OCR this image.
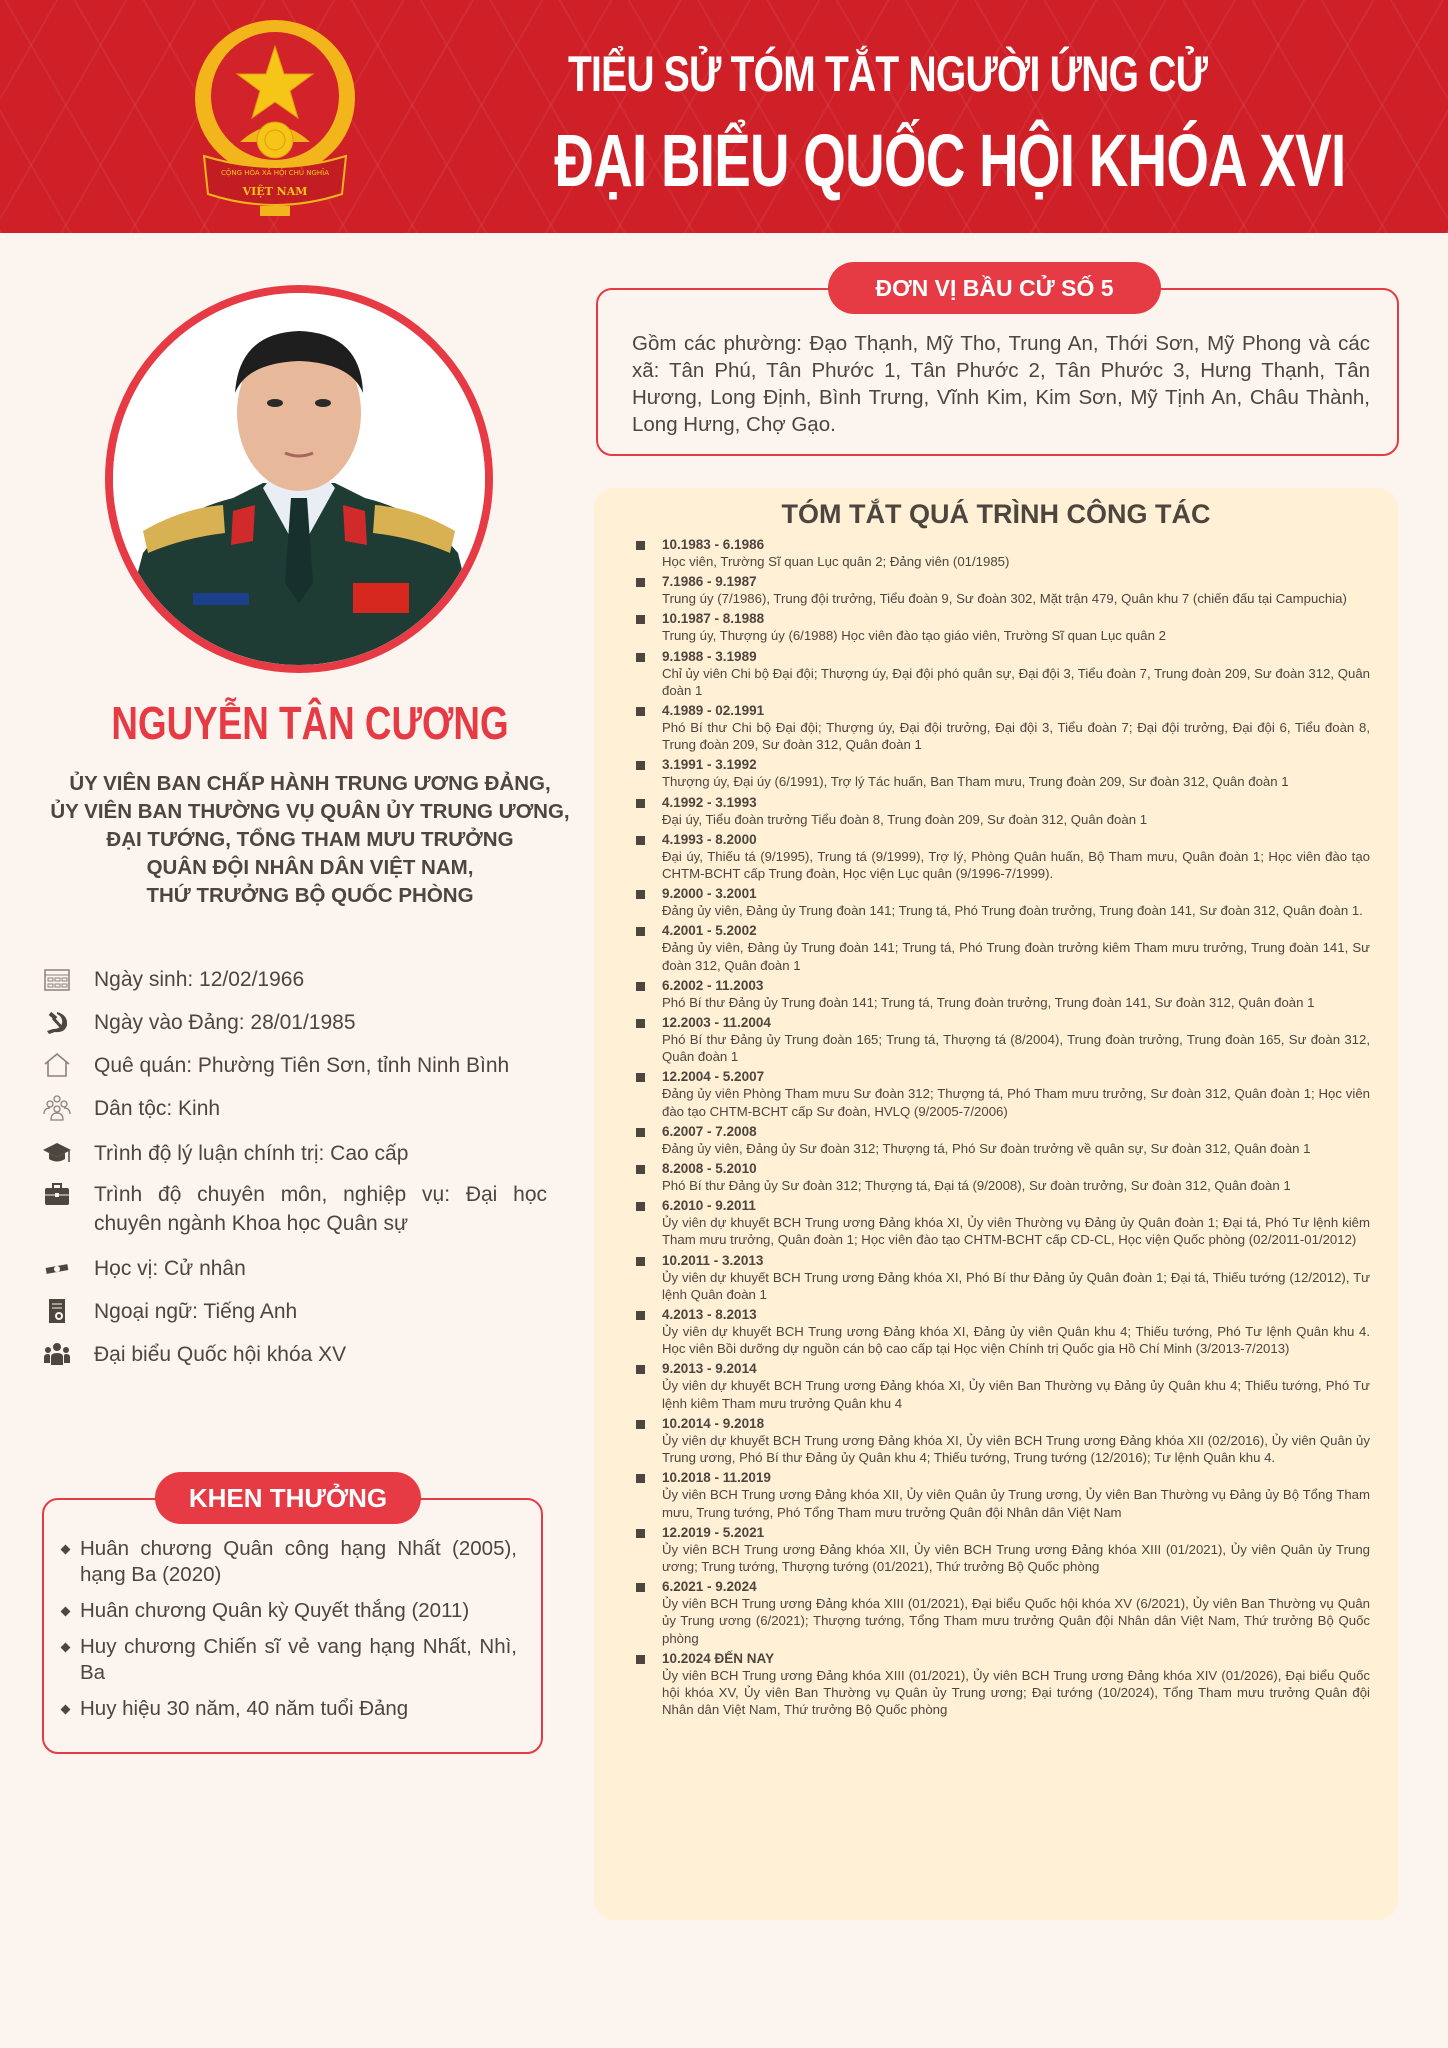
CỘNG HÒA XÃ HỘI CHỦ NGHĨA
VIỆT NAM
TIỂU SỬ TÓM TẮT NGƯỜI ỨNG CỬ
ĐẠI BIỂU QUỐC HỘI KHÓA XVI
NGUYỄN TÂN CƯƠNG
ỦY VIÊN BAN CHẤP HÀNH TRUNG ƯƠNG ĐẢNG,
ỦY VIÊN BAN THƯỜNG VỤ QUÂN ỦY TRUNG ƯƠNG,
ĐẠI TƯỚNG, TỔNG THAM MƯU TRƯỞNG
QUÂN ĐỘI NHÂN DÂN VIỆT NAM,
THỨ TRƯỞNG BỘ QUỐC PHÒNG
Ngày sinh: 12/02/1966
Ngày vào Đảng: 28/01/1985
Quê quán: Phường Tiên Sơn, tỉnh Ninh Bình
Dân tộc: Kinh
Trình độ lý luận chính trị: Cao cấp
Trình độ chuyên môn, nghiệp vụ: Đại học chuyên ngành Khoa học Quân sự
Học vị: Cử nhân
Ngoại ngữ: Tiếng Anh
Đại biểu Quốc hội khóa XV
KHEN THƯỞNG
Huân chương Quân công hạng Nhất (2005), hạng Ba (2020)
Huân chương Quân kỳ Quyết thắng (2011)
Huy chương Chiến sĩ vẻ vang hạng Nhất, Nhì, Ba
Huy hiệu 30 năm, 40 năm tuổi Đảng
ĐƠN VỊ BẦU CỬ SỐ 5
Gồm các phường: Đạo Thạnh, Mỹ Tho, Trung An, Thới Sơn, Mỹ Phong và các xã: Tân Phú, Tân Phước 1, Tân Phước 2, Tân Phước 3, Hưng Thạnh, Tân Hương, Long Định, Bình Trưng, Vĩnh Kim, Kim Sơn, Mỹ Tịnh An, Châu Thành, Long Hưng, Chợ Gạo.
TÓM TẮT QUÁ TRÌNH CÔNG TÁC
10.1983 - 6.1986
Học viên, Trường Sĩ quan Lục quân 2; Đảng viên (01/1985)
7.1986 - 9.1987
Trung úy (7/1986), Trung đội trưởng, Tiểu đoàn 9, Sư đoàn 302, Mặt trận 479, Quân khu 7 (chiến đấu tại Campuchia)
10.1987 - 8.1988
Trung úy, Thượng úy (6/1988) Học viên đào tạo giáo viên, Trường Sĩ quan Lục quân 2
9.1988 - 3.1989
Chỉ ủy viên Chi bộ Đại đội; Thượng úy, Đại đội phó quân sự, Đại đội 3, Tiểu đoàn 7, Trung đoàn 209, Sư đoàn 312, Quân đoàn 1
4.1989 - 02.1991
Phó Bí thư Chi bộ Đại đội; Thượng úy, Đại đội trưởng, Đại đội 3, Tiểu đoàn 7; Đại đội trưởng, Đại đội 6, Tiểu đoàn 8, Trung đoàn 209, Sư đoàn 312, Quân đoàn 1
3.1991 - 3.1992
Thượng úy, Đại úy (6/1991), Trợ lý Tác huấn, Ban Tham mưu, Trung đoàn 209, Sư đoàn 312, Quân đoàn 1
4.1992 - 3.1993
Đại úy, Tiểu đoàn trưởng Tiểu đoàn 8, Trung đoàn 209, Sư đoàn 312, Quân đoàn 1
4.1993 - 8.2000
Đại úy, Thiếu tá (9/1995), Trung tá (9/1999), Trợ lý, Phòng Quân huấn, Bộ Tham mưu, Quân đoàn 1; Học viên đào tạo CHTM-BCHT cấp Trung đoàn, Học viện Lục quân (9/1996-7/1999).
9.2000 - 3.2001
Đảng ủy viên, Đảng ủy Trung đoàn 141; Trung tá, Phó Trung đoàn trưởng, Trung đoàn 141, Sư đoàn 312, Quân đoàn 1.
4.2001 - 5.2002
Đảng ủy viên, Đảng ủy Trung đoàn 141; Trung tá, Phó Trung đoàn trưởng kiêm Tham mưu trưởng, Trung đoàn 141, Sư đoàn 312, Quân đoàn 1
6.2002 - 11.2003
Phó Bí thư Đảng ủy Trung đoàn 141; Trung tá, Trung đoàn trưởng, Trung đoàn 141, Sư đoàn 312, Quân đoàn 1
12.2003 - 11.2004
Phó Bí thư Đảng ủy Trung đoàn 165; Trung tá, Thượng tá (8/2004), Trung đoàn trưởng, Trung đoàn 165, Sư đoàn 312, Quân đoàn 1
12.2004 - 5.2007
Đảng ủy viên Phòng Tham mưu Sư đoàn 312; Thượng tá, Phó Tham mưu trưởng, Sư đoàn 312, Quân đoàn 1; Học viên đào tạo CHTM-BCHT cấp Sư đoàn, HVLQ (9/2005-7/2006)
6.2007 - 7.2008
Đảng ủy viên, Đảng ủy Sư đoàn 312; Thượng tá, Phó Sư đoàn trưởng về quân sự, Sư đoàn 312, Quân đoàn 1
8.2008 - 5.2010
Phó Bí thư Đảng ủy Sư đoàn 312; Thượng tá, Đại tá (9/2008), Sư đoàn trưởng, Sư đoàn 312, Quân đoàn 1
6.2010 - 9.2011
Ủy viên dự khuyết BCH Trung ương Đảng khóa XI, Ủy viên Thường vụ Đảng ủy Quân đoàn 1; Đại tá, Phó Tư lệnh kiêm Tham mưu trưởng, Quân đoàn 1; Học viên đào tạo CHTM-BCHT cấp CD-CL, Học viện Quốc phòng (02/2011-01/2012)
10.2011 - 3.2013
Ủy viên dự khuyết BCH Trung ương Đảng khóa XI, Phó Bí thư Đảng ủy Quân đoàn 1; Đại tá, Thiếu tướng (12/2012), Tư lệnh Quân đoàn 1
4.2013 - 8.2013
Ủy viên dự khuyết BCH Trung ương Đảng khóa XI, Đảng ủy viên Quân khu 4; Thiếu tướng, Phó Tư lệnh Quân khu 4. Học viên Bồi dưỡng dự nguồn cán bộ cao cấp tại Học viện Chính trị Quốc gia Hồ Chí Minh (3/2013-7/2013)
9.2013 - 9.2014
Ủy viên dự khuyết BCH Trung ương Đảng khóa XI, Ủy viên Ban Thường vụ Đảng ủy Quân khu 4; Thiếu tướng, Phó Tư lệnh kiêm Tham mưu trưởng Quân khu 4
10.2014 - 9.2018
Ủy viên dự khuyết BCH Trung ương Đảng khóa XI, Ủy viên BCH Trung ương Đảng khóa XII (02/2016), Ủy viên Quân ủy Trung ương, Phó Bí thư Đảng ủy Quân khu 4; Thiếu tướng, Trung tướng (12/2016); Tư lệnh Quân khu 4.
10.2018 - 11.2019
Ủy viên BCH Trung ương Đảng khóa XII, Ủy viên Quân ủy Trung ương, Ủy viên Ban Thường vụ Đảng ủy Bộ Tổng Tham mưu, Trung tướng, Phó Tổng Tham mưu trưởng Quân đội Nhân dân Việt Nam
12.2019 - 5.2021
Ủy viên BCH Trung ương Đảng khóa XII, Ủy viên BCH Trung ương Đảng khóa XIII (01/2021), Ủy viên Quân ủy Trung ương; Trung tướng, Thượng tướng (01/2021), Thứ trưởng Bộ Quốc phòng
6.2021 - 9.2024
Ủy viên BCH Trung ương Đảng khóa XIII (01/2021), Đại biểu Quốc hội khóa XV (6/2021), Ủy viên Ban Thường vụ Quân ủy Trung ương (6/2021); Thượng tướng, Tổng Tham mưu trưởng Quân đội Nhân dân Việt Nam, Thứ trưởng Bộ Quốc phòng
10.2024 ĐẾN NAY
Ủy viên BCH Trung ương Đảng khóa XIII (01/2021), Ủy viên BCH Trung ương Đảng khóa XIV (01/2026), Đại biểu Quốc hội khóa XV, Ủy viên Ban Thường vụ Quân ủy Trung ương; Đại tướng (10/2024), Tổng Tham mưu trưởng Quân đội Nhân dân Việt Nam, Thứ trưởng Bộ Quốc phòng
